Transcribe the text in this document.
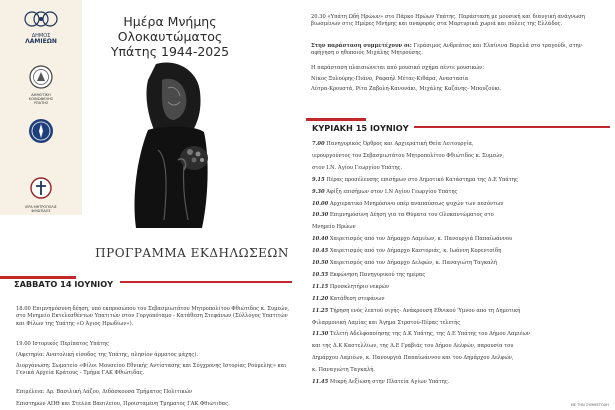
ΔΗΜΟΣ
ΛΑΜΙΕΩΝ
ΔΗΜΟΤΙΚΗ
ΚΟΙΝΩΦΕΛΗΣ
ΥΠΑΤΗΣ
ΙΕΡΑ ΜΗΤΡΟΠΟΛΙΣ
ΦΘΙΩΤΙΔΟΣ
Ημέρα Μνήμης
Ολοκαυτώματος
Υπάτης 1944-2025
ΠΡΟΓΡΑΜΜΑ ΕΚΔΗΛΩΣΕΩΝ
ΣΑΒΒΑΤΟ 14 ΙΟΥΝΙΟΥ
18.00 Επιμνημόσυνη δέηση, υπό εκπροσώπου του Σεβασμιωτάτου Μητροπολίτου Φθιώτιδος κ. Συμεών, στο Μνημείο Εκτελεσθέντων Υπατιτών στον Γοργοπόταμο - Κατάθεση Στεφάνων (Σύλλογος Υπατιτών και Φίλων της Υπάτης «Ο Άγιος Ηρωδίων»).
19.00 Ιστορικός Περίπατος Υπάτης
(Αφετηρία: Ανατολική είσοδος της Υπάτης, πλησίον άρματος μάχης).
Διοργάνωση: Σωματείο «Φίλοι Μουσείου Εθνικής Αντίστασης και Σύγχρονης Ιστορίας Ρούμελης» και Γενικά Αρχεία Κράτους - Τμήμα ΓΑΚ Φθιώτιδας.
Επιμέλεια: Δρ. Βασιλική Λάζου, Διδάσκουσα Τμήματος Πολιτικών
Επιστημών ΑΠΘ και Στέλλα Βασιλείου, Προϊσταμένη Τμήματος ΓΑΚ Φθιώτιδας.
20.30 «Υπάτη Ωδή Ηρώων» στο Πάρκο Ηρώων Υπάτης. Παράσταση με μουσική και διαυγική ανάγνωση βιωσμένων στις Ημέρες Μνήμης και αναφοράς στα Μαρτυρικά χωριά και πόλεις της Ελλάδος.
Στην παράσταση συμμετέχουν οι: Γεράσιμος Ανδρεάτος και Ελπίνινα Βαρελά στο τραγούδι, στην αφήγηση ο ηθοποιός Μιχάλης Μητρούσης.
Η παράσταση πλαισιώνεται από μουσικό σχήμα πέντε μουσικών:
Νίκος Ξυλούρης-Πιάνο, Ραφαήλ Μέτας-Κιθάρα, Αναστασία
Λύτρα-Κρουστά, Ρίτα Ζαβολή-Κανονάκι, Μιχάλης Καζάνης- Μπουζούκι.
ΚΥΡΙΑΚΗ 15 ΙΟΥΝΙΟΥ
7.00 Πανηγυρικός Όρθρος και Αρχιερατική Θεία Λειτουργία,
ιερουργούντος του Σεβασμιωτάτου Μητροπολίτου Φθιώτιδος κ. Συμεών,
στον Ι.Ν. Αγίου Γεωργίου Υπάτης.
9.15 Πέρας προσέλευσης επισήμων στο Δημοτικό Κατάστημα της Δ.Ε Υπάτης
9.30 Αφίξη επισήμων στον Ι.Ν Αγίου Γεωργίου Υπάτης
10.00 Αρχιερατικό Μνημόσυνο υπέρ αναπαύσεως ψυχών των πεσόντων
10.30 Επιμνημόσυνη Δέηση για τα Θύματα του Ολοκαυτώματος στο
Μνημείο Ηρώων
10.40 Χαιρετισμός από τον Δήμαρχο Λαμιέων, κ. Πανουργιά Παπαϊωάννου
10.45 Χαιρετισμός από τον Δήμαρχο Καστοριάς, κ. Ιωάννη Κορεντσίδη
10.50 Χαιρετισμός από τον Δήμαρχο Δελφών, κ. Παναγιώτη Ταγκαλή
10.55 Εκφώνηση Πανηγυρικού της ημέρας
11.15 Προσκλητήριο νεκρών
11.20 Κατάθεση στεφάνων
11.25 Τήρηση ενός λεπτού σιγής- Ανάκρουση Εθνικού Ύμνου απο τη Δημοτική
Φιλαρμονική Λαμίας και Άγημα Στρατού-Πέρας τελετής
11.30 Τελετή Αδελφοποίησης της Δ.Κ Υπάτης, της Δ.Ε Υπάτης του Δήμου Λαμιέων
και της Δ.Κ Καστελλίων, της Δ.Ε Γραβιάς του Δήμου Δελφών, παρουσία του
Δημάρχου Λαμιέων, κ. Πανουργιά Παπαϊωάννου και του Δημάρχου Δελφών,
κ. Παναγιώτη Ταγκαλή.
11.45 Μικρή Δεξίωση στην Πλατεία Αγίων Υπάτης.
ΜΕ ΤΗΝ ΣΥΜΜΕΤΟΧΗ
